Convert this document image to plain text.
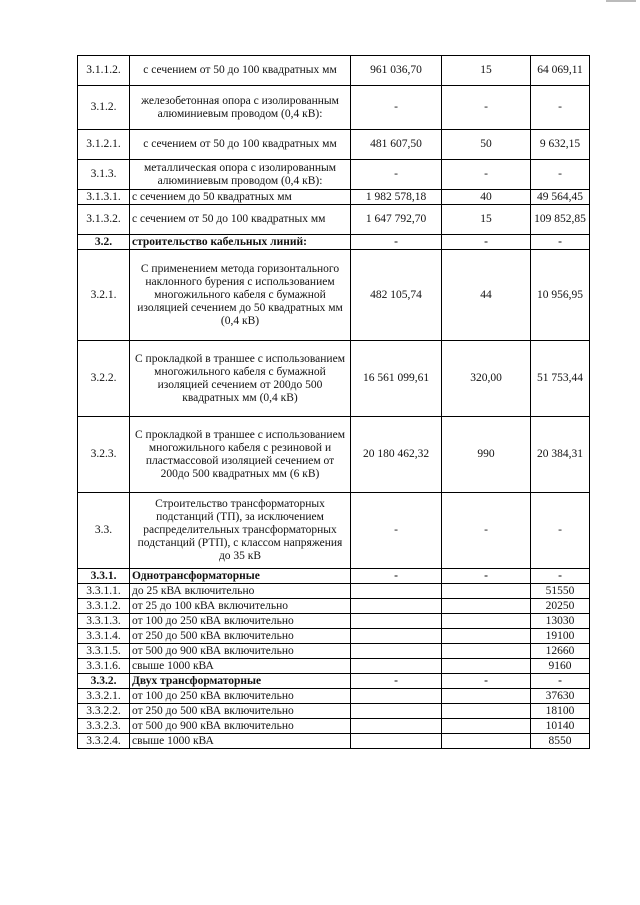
3.1.1.2.	с сечением от 50 до 100 квадратных мм	961 036,70	15	64 069,11
3.1.2.	железобетонная опора с изолированным алюминиевым проводом (0,4 кВ):	-	-	-
3.1.2.1.	с сечением от 50 до 100 квадратных мм	481 607,50	50	9 632,15
3.1.3.	металлическая опора с изолированным алюминиевым проводом (0,4 кВ):	-	-	-
3.1.3.1.	с сечением до 50 квадратных мм	1 982 578,18	40	49 564,45
3.1.3.2.	с сечением от 50 до 100 квадратных мм	1 647 792,70	15	109 852,85
3.2.	строительство кабельных линий:	-	-	-
3.2.1.	С применением метода горизонтального наклонного бурения с использованием многожильного кабеля с бумажной изоляцией сечением до 50 квадратных мм (0,4 кВ)	482 105,74	44	10 956,95
3.2.2.	С прокладкой в траншее с использованием многожильного кабеля с бумажной изоляцией сечением от 200до 500 квадратных мм (0,4 кВ)	16 561 099,61	320,00	51 753,44
3.2.3.	С прокладкой в траншее с использованием многожильного кабеля с резиновой и пластмассовой изоляцией сечением от 200до 500 квадратных мм (6 кВ)	20 180 462,32	990	20 384,31
3.3.	Строительство трансформаторных подстанций (ТП), за исключением распределительных трансформаторных подстанций (РТП), с классом напряжения до 35 кВ	-	-	-
3.3.1.	Однотрансформаторные	-	-	-
3.3.1.1.	до 25 кВА включительно			51550
3.3.1.2.	от 25 до 100 кВА включительно			20250
3.3.1.3.	от 100 до 250 кВА включительно			13030
3.3.1.4.	от 250 до 500 кВА включительно			19100
3.3.1.5.	от 500 до 900 кВА включительно			12660
3.3.1.6.	свыше 1000 кВА			9160
3.3.2.	Двух трансформаторные	-	-	-
3.3.2.1.	от 100 до 250 кВА включительно			37630
3.3.2.2.	от 250 до 500 кВА включительно			18100
3.3.2.3.	от 500 до 900 кВА включительно			10140
3.3.2.4.	свыше 1000 кВА			8550
